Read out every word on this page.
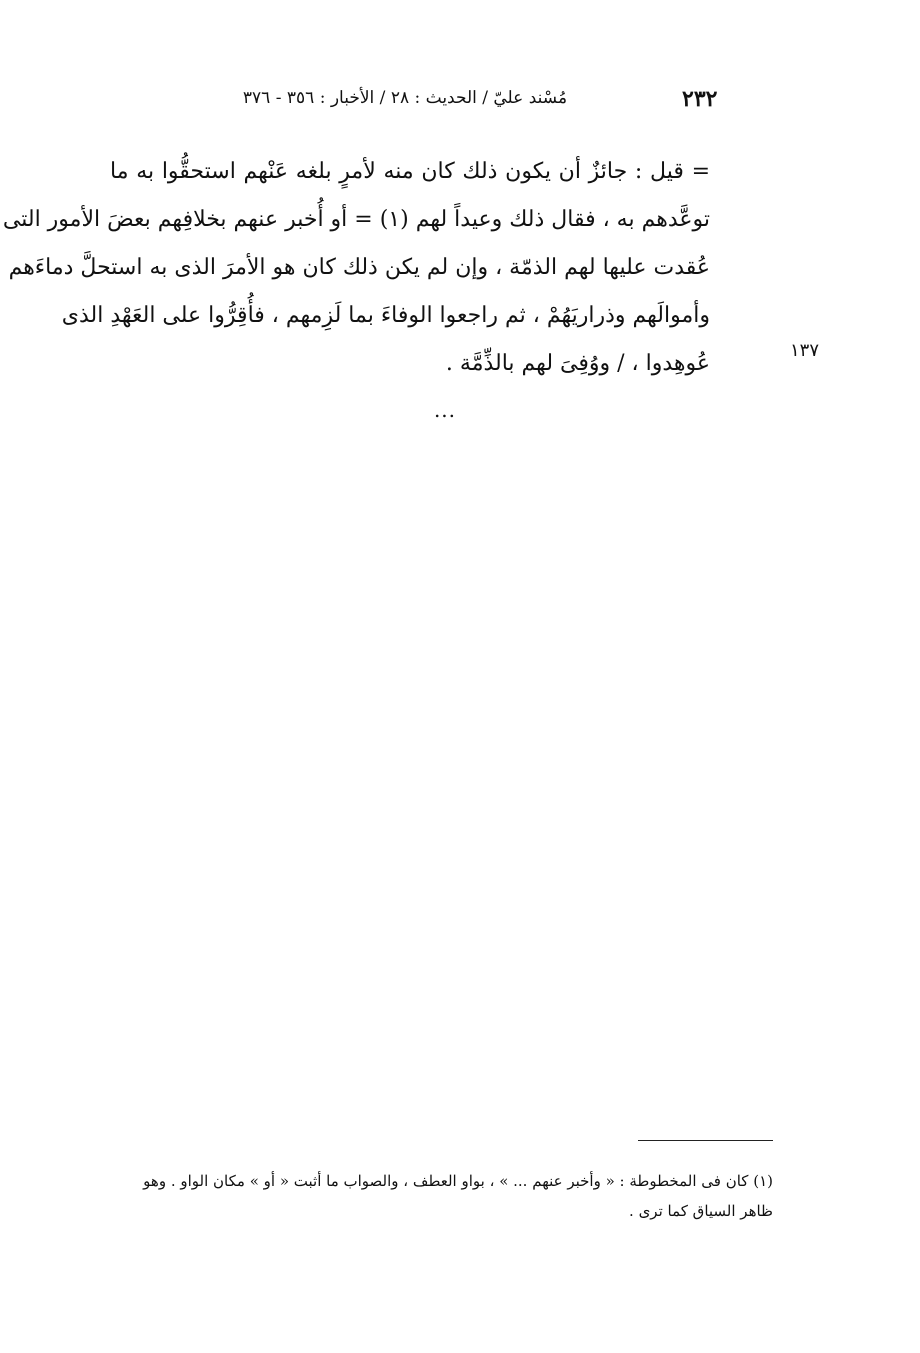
٢٣٢
مُسْند عليّ / الحديث : ٢٨ / الأخبار : ٣٥٦ - ٣٧٦
= قيل : جائزٌ أن يكون ذلك كان منه لأمرٍ بلغه عَنْهم استحقُّوا به ما
توعَّدهم به ، فقال ذلك وعيداً لهم (١) = أو أُخبر عنهم بخلافِهم بعضَ الأمور التى
عُقدت عليها لهم الذمّة ، وإن لم يكن ذلك كان هو الأمرَ الذى به استحلَّ دماءَهم
وأموالَهم وذراريَهُمْ ، ثم راجعوا الوفاءَ بما لَزِمهم ، فأُقِرُّوا على العَهْدِ الذى
عُوهِدوا ، / ووُفِىَ لهم بالذِّمَّة .
١٣٧
...
(١) كان فى المخطوطة : « وأخبر عنهم ... » ، بواو العطف ، والصواب ما أثبت « أو » مكان الواو . وهو
ظاهر السياق كما ترى .
